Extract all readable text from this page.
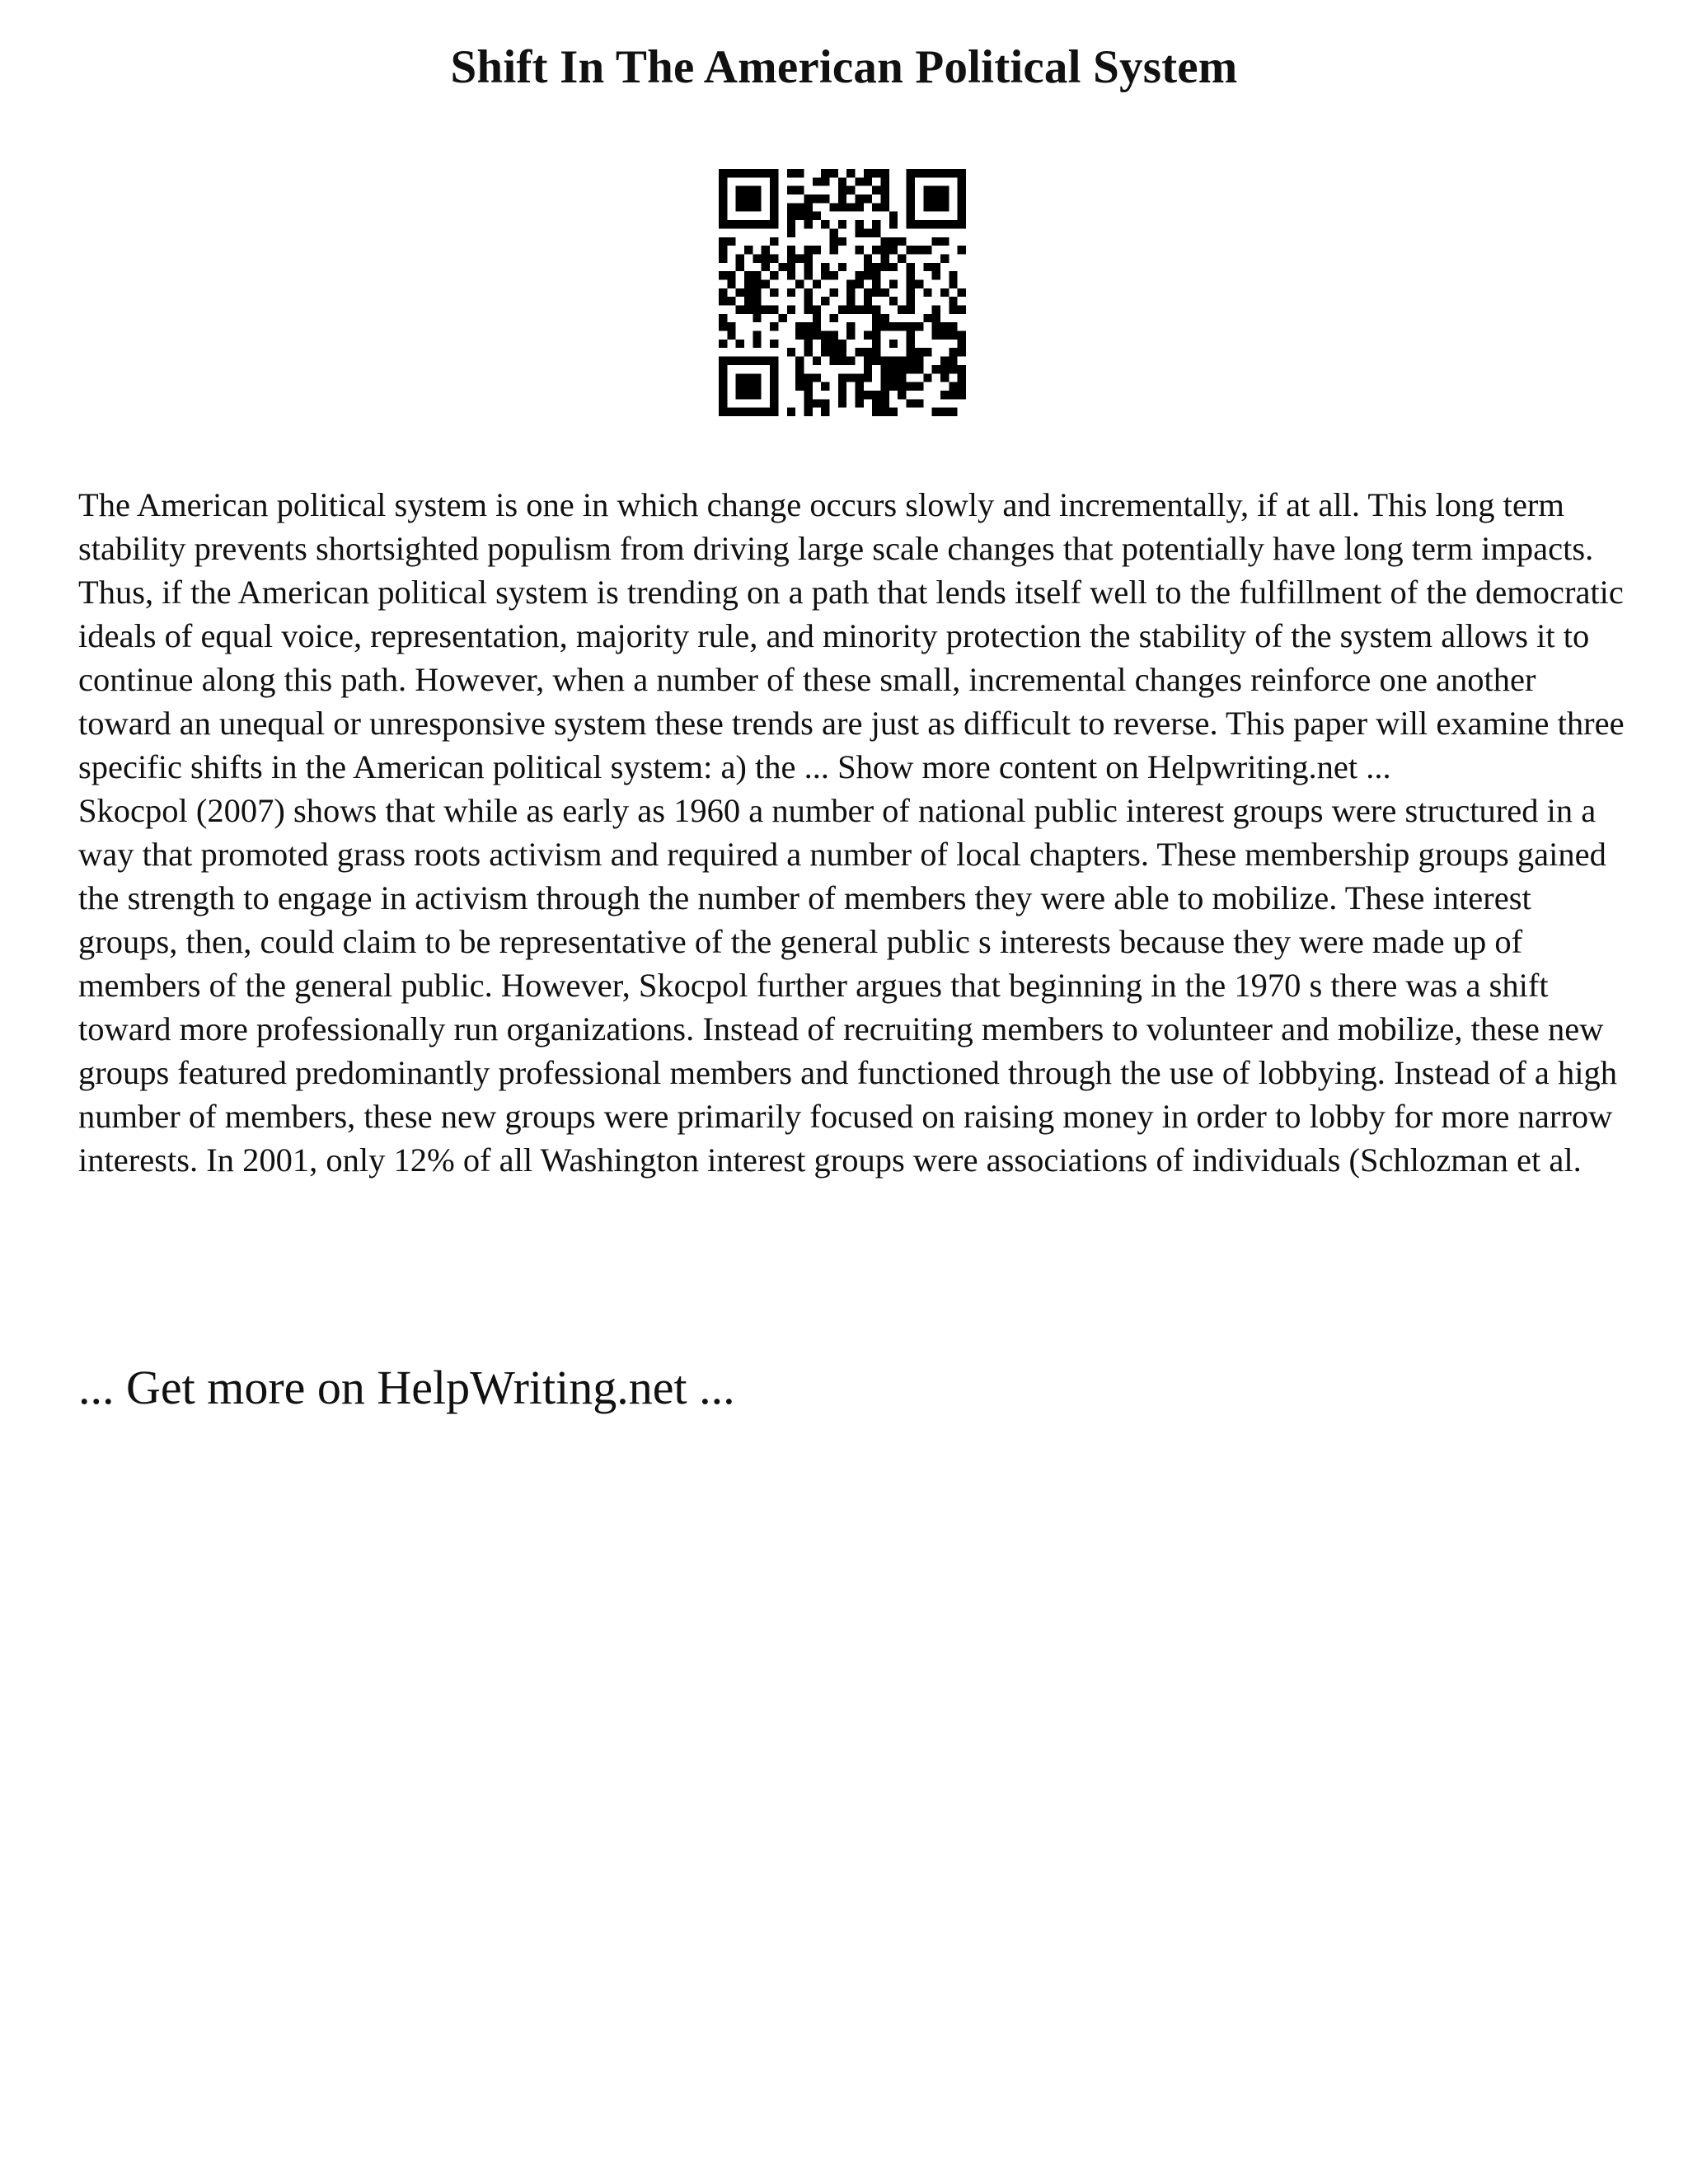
Shift In The American Political System

The American political system is one in which change occurs slowly and incrementally, if at all. This long term stability prevents shortsighted populism from driving large scale changes that potentially have long term impacts. Thus, if the American political system is trending on a path that lends itself well to the fulfillment of the democratic ideals of equal voice, representation, majority rule, and minority protection the stability of the system allows it to continue along this path. However, when a number of these small, incremental changes reinforce one another toward an unequal or unresponsive system these trends are just as difficult to reverse. This paper will examine three specific shifts in the American political system: a) the ... Show more content on Helpwriting.net ...

Skocpol (2007) shows that while as early as 1960 a number of national public interest groups were structured in a way that promoted grass roots activism and required a number of local chapters. These membership groups gained the strength to engage in activism through the number of members they were able to mobilize. These interest groups, then, could claim to be representative of the general public s interests because they were made up of members of the general public. However, Skocpol further argues that beginning in the 1970 s there was a shift toward more professionally run organizations. Instead of recruiting members to volunteer and mobilize, these new groups featured predominantly professional members and functioned through the use of lobbying. Instead of a high number of members, these new groups were primarily focused on raising money in order to lobby for more narrow interests. In 2001, only 12% of all Washington interest groups were associations of individuals (Schlozman et al.

... Get more on HelpWriting.net ...
